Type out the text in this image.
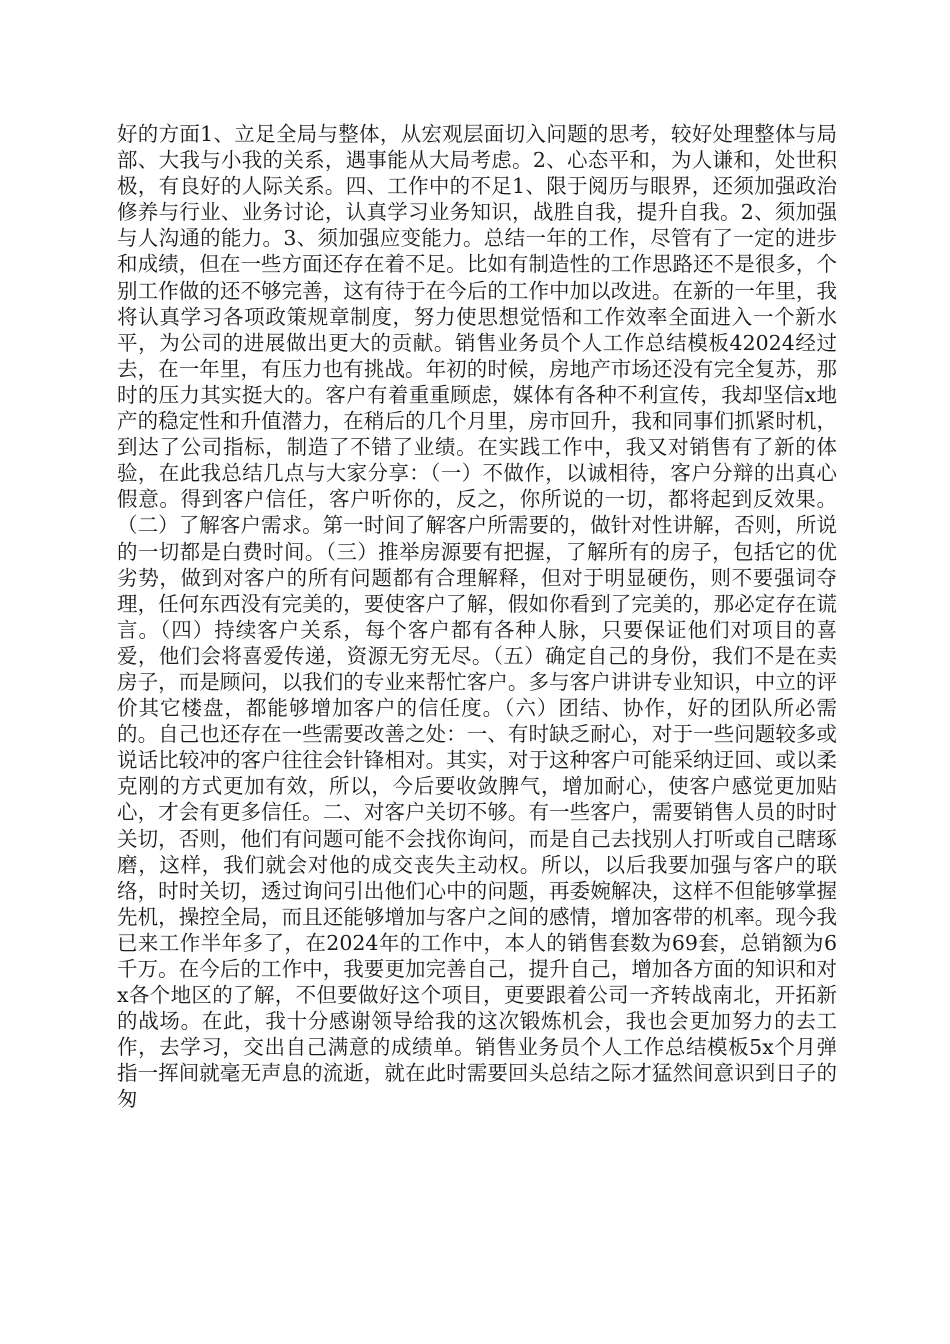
好的方面1、立足全局与整体，从宏观层面切入问题的思考，较好处理整体与局部、大我与小我的关系，遇事能从大局考虑。2、心态平和，为人谦和，处世积极，有良好的人际关系。四、工作中的不足1、限于阅历与眼界，还须加强政治修养与行业、业务讨论，认真学习业务知识，战胜自我，提升自我。2、须加强与人沟通的能力。3、须加强应变能力。总结一年的工作，尽管有了一定的进步和成绩，但在一些方面还存在着不足。比如有制造性的工作思路还不是很多，个别工作做的还不够完善，这有待于在今后的工作中加以改进。在新的一年里，我将认真学习各项政策规章制度，努力使思想觉悟和工作效率全面进入一个新水平，为公司的进展做出更大的贡献。销售业务员个人工作总结模板42024经过去，在一年里，有压力也有挑战。年初的时候，房地产市场还没有完全复苏，那时的压力其实挺大的。客户有着重重顾虑，媒体有各种不利宣传，我却坚信x地产的稳定性和升值潜力，在稍后的几个月里，房市回升，我和同事们抓紧时机，到达了公司指标，制造了不错了业绩。在实践工作中，我又对销售有了新的体验，在此我总结几点与大家分享：（一）不做作，以诚相待，客户分辩的出真心假意。得到客户信任，客户听你的，反之，你所说的一切，都将起到反效果。（二）了解客户需求。第一时间了解客户所需要的，做针对性讲解，否则，所说的一切都是白费时间。（三）推举房源要有把握，了解所有的房子，包括它的优劣势，做到对客户的所有问题都有合理解释，但对于明显硬伤，则不要强词夺理，任何东西没有完美的，要使客户了解，假如你看到了完美的，那必定存在谎言。（四）持续客户关系，每个客户都有各种人脉，只要保证他们对项目的喜爱，他们会将喜爱传递，资源无穷无尽。（五）确定自己的身份，我们不是在卖房子，而是顾问，以我们的专业来帮忙客户。多与客户讲讲专业知识，中立的评价其它楼盘，都能够增加客户的信任度。（六）团结、协作，好的团队所必需的。自己也还存在一些需要改善之处：一、有时缺乏耐心，对于一些问题较多或说话比较冲的客户往往会针锋相对。其实，对于这种客户可能采纳迂回、或以柔克刚的方式更加有效，所以，今后要收敛脾气，增加耐心，使客户感觉更加贴心，才会有更多信任。二、对客户关切不够。有一些客户，需要销售人员的时时关切，否则，他们有问题可能不会找你询问，而是自己去找别人打听或自己瞎琢磨，这样，我们就会对他的成交丧失主动权。所以，以后我要加强与客户的联络，时时关切，透过询问引出他们心中的问题，再委婉解决，这样不但能够掌握先机，操控全局，而且还能够增加与客户之间的感情，增加客带的机率。现今我已来工作半年多了，在2024年的工作中，本人的销售套数为69套，总销额为6千万。在今后的工作中，我要更加完善自己，提升自己，增加各方面的知识和对x各个地区的了解，不但要做好这个项目，更要跟着公司一齐转战南北，开拓新的战场。在此，我十分感谢领导给我的这次锻炼机会，我也会更加努力的去工作，去学习，交出自己满意的成绩单。销售业务员个人工作总结模板5x个月弹指一挥间就毫无声息的流逝，就在此时需要回头总结之际才猛然间意识到日子的匆
